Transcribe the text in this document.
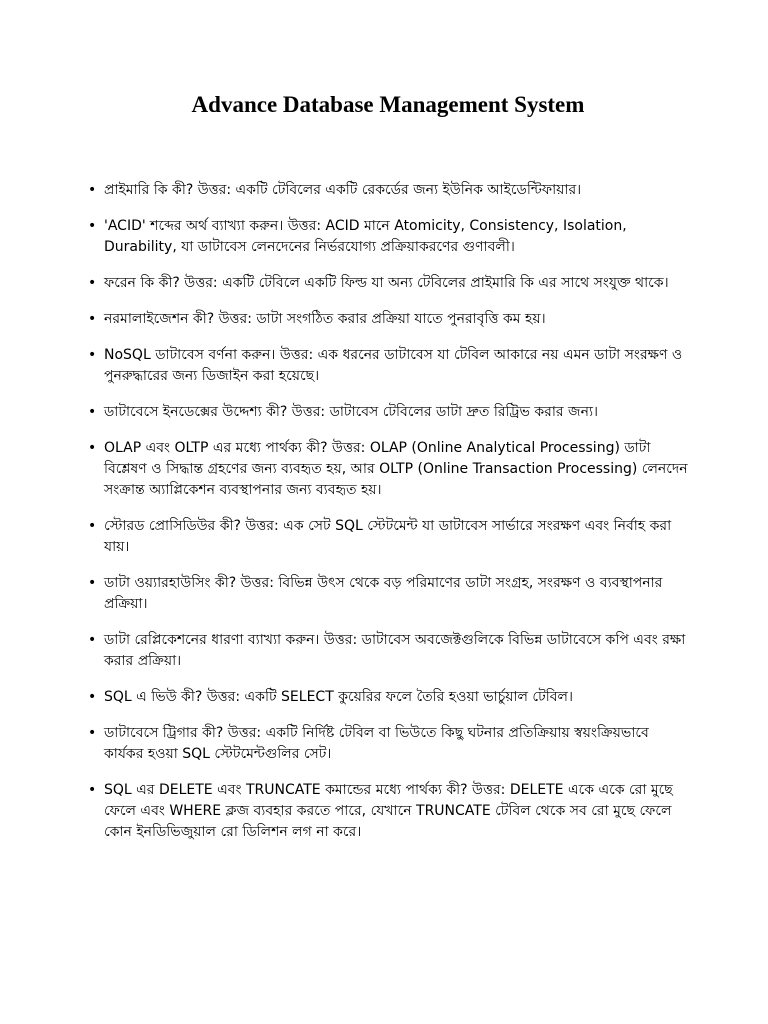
Advance Database Management System
• প্রাইমারি কি কী? উত্তর: একটি টেবিলের একটি রেকর্ডের জন্য ইউনিক আইডেন্টিফায়ার।
• 'ACID' শব্দের অর্থ ব্যাখ্যা করুন। উত্তর: ACID মানে Atomicity, Consistency, Isolation, Durability, যা ডাটাবেস লেনদেনের নির্ভরযোগ্য প্রক্রিয়াকরণের গুণাবলী।
• ফরেন কি কী? উত্তর: একটি টেবিলে একটি ফিল্ড যা অন্য টেবিলের প্রাইমারি কি এর সাথে সংযুক্ত থাকে।
• নরমালাইজেশন কী? উত্তর: ডাটা সংগঠিত করার প্রক্রিয়া যাতে পুনরাবৃত্তি কম হয়।
• NoSQL ডাটাবেস বর্ণনা করুন। উত্তর: এক ধরনের ডাটাবেস যা টেবিল আকারে নয় এমন ডাটা সংরক্ষণ ও পুনরুদ্ধারের জন্য ডিজাইন করা হয়েছে।
• ডাটাবেসে ইনডেক্সের উদ্দেশ্য কী? উত্তর: ডাটাবেস টেবিলের ডাটা দ্রুত রিট্রিভ করার জন্য।
• OLAP এবং OLTP এর মধ্যে পার্থক্য কী? উত্তর: OLAP (Online Analytical Processing) ডাটা বিশ্লেষণ ও সিদ্ধান্ত গ্রহণের জন্য ব্যবহৃত হয়, আর OLTP (Online Transaction Processing) লেনদেন সংক্রান্ত অ্যাপ্লিকেশন ব্যবস্থাপনার জন্য ব্যবহৃত হয়।
• স্টোরড প্রোসিডিউর কী? উত্তর: এক সেট SQL স্টেটমেন্ট যা ডাটাবেস সার্ভারে সংরক্ষণ এবং নির্বাহ করা যায়।
• ডাটা ওয়্যারহাউসিং কী? উত্তর: বিভিন্ন উৎস থেকে বড় পরিমাণের ডাটা সংগ্রহ, সংরক্ষণ ও ব্যবস্থাপনার প্রক্রিয়া।
• ডাটা রেপ্লিকেশনের ধারণা ব্যাখ্যা করুন। উত্তর: ডাটাবেস অবজেক্টগুলিকে বিভিন্ন ডাটাবেসে কপি এবং রক্ষা করার প্রক্রিয়া।
• SQL এ ভিউ কী? উত্তর: একটি SELECT কুয়েরির ফলে তৈরি হওয়া ভার্চুয়াল টেবিল।
• ডাটাবেসে ট্রিগার কী? উত্তর: একটি নির্দিষ্ট টেবিল বা ভিউতে কিছু ঘটনার প্রতিক্রিয়ায় স্বয়ংক্রিয়ভাবে কার্যকর হওয়া SQL স্টেটমেন্টগুলির সেট।
• SQL এর DELETE এবং TRUNCATE কমান্ডের মধ্যে পার্থক্য কী? উত্তর: DELETE একে একে রো মুছে ফেলে এবং WHERE ক্লজ ব্যবহার করতে পারে, যেখানে TRUNCATE টেবিল থেকে সব রো মুছে ফেলে কোন ইনডিভিজুয়াল রো ডিলিশন লগ না করে।
